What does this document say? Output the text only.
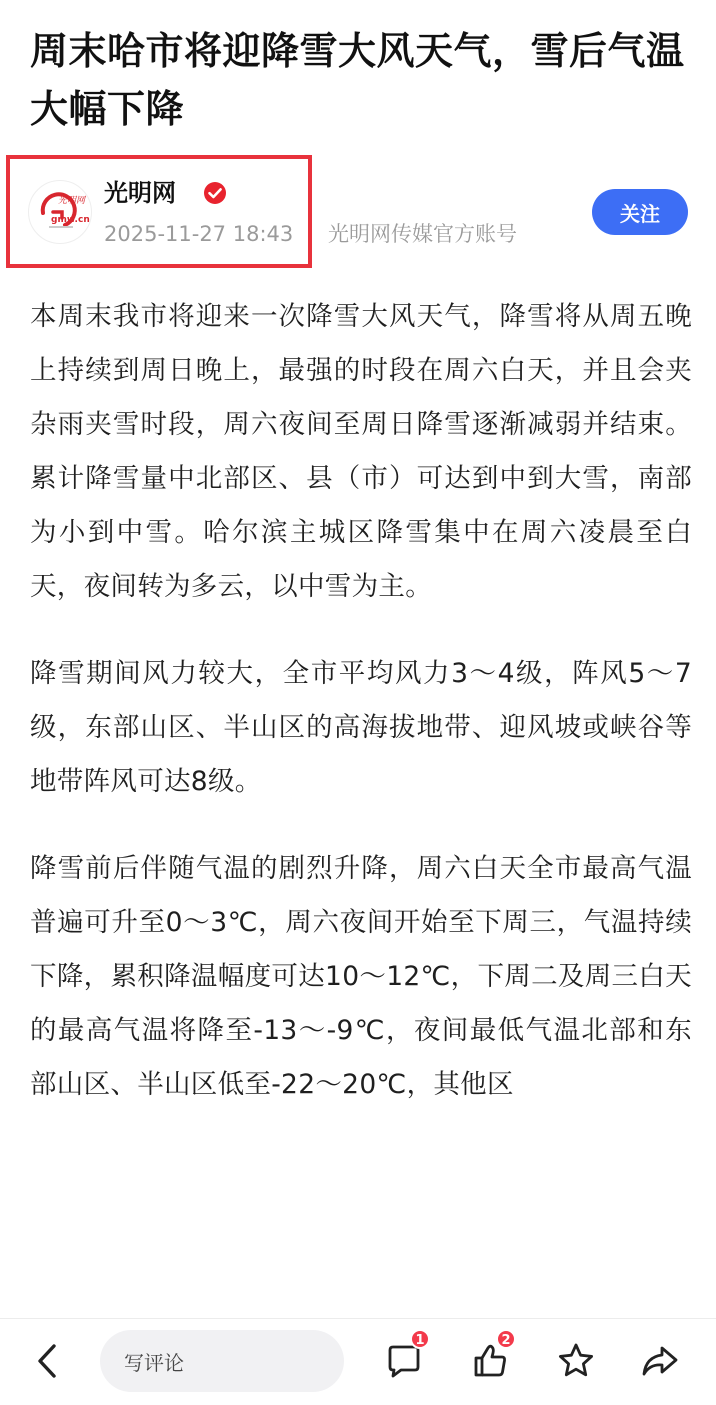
周末哈市将迎降雪大风天气，雪后气温大幅下降
光明网
gmw.cn
光明网
2025-11-27 18:43 光明网传媒官方账号
关注

本周末我市将迎来一次降雪大风天气，降雪将从周五晚上持续到周日晚上，最强的时段在周六白天，并且会夹杂雨夹雪时段，周六夜间至周日降雪逐渐减弱并结束。累计降雪量中北部区、县（市）可达到中到大雪，南部为小到中雪。哈尔滨主城区降雪集中在周六凌晨至白天，夜间转为多云，以中雪为主。

降雪期间风力较大，全市平均风力3～4级，阵风5～7级，东部山区、半山区的高海拔地带、迎风坡或峡谷等地带阵风可达8级。

降雪前后伴随气温的剧烈升降，周六白天全市最高气温普遍可升至0～3℃，周六夜间开始至下周三，气温持续下降，累积降温幅度可达10～12℃，下周二及周三白天的最高气温将降至-13～-9℃，夜间最低气温北部和东部山区、半山区低至-22～20℃，其他区

写评论
1	2
